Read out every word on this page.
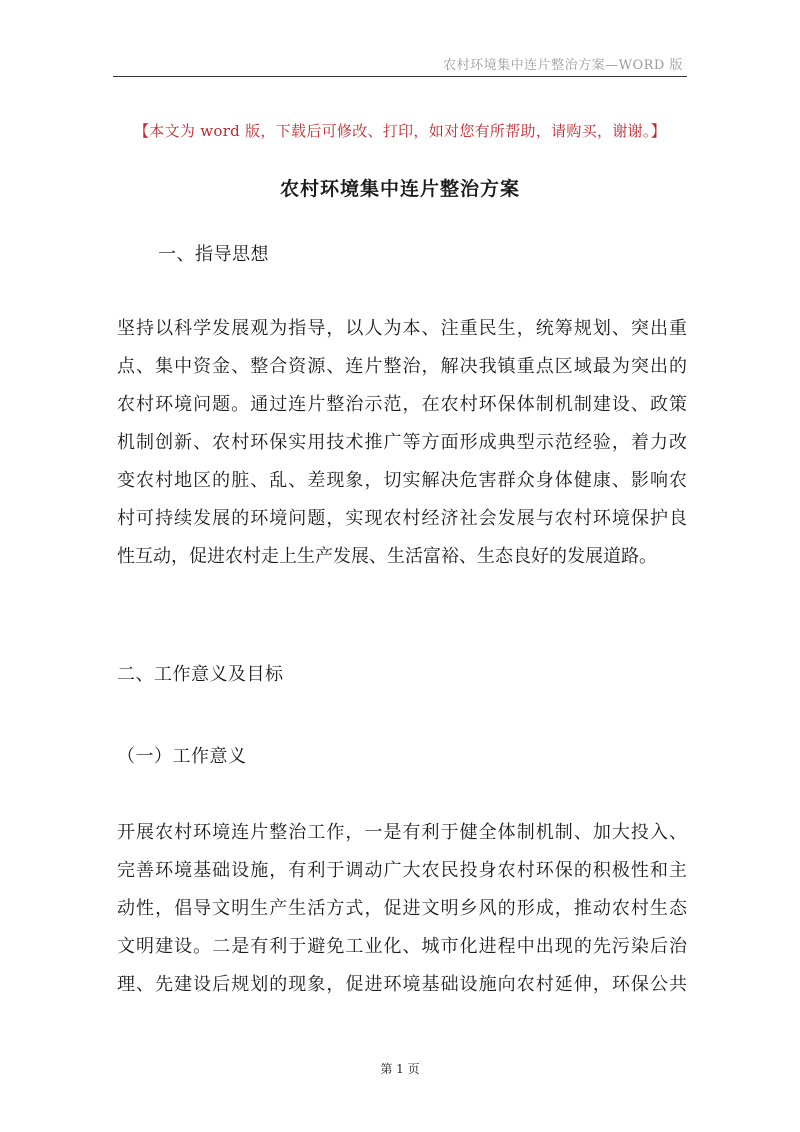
农村环境集中连片整治方案—WORD 版
【本文为 word 版，下载后可修改、打印，如对您有所帮助，请购买，谢谢。】
农村环境集中连片整治方案
一、指导思想
坚持以科学发展观为指导，以人为本、注重民生，统筹规划、突出重
点、集中资金、整合资源、连片整治，解决我镇重点区域最为突出的
农村环境问题。通过连片整治示范，在农村环保体制机制建设、政策
机制创新、农村环保实用技术推广等方面形成典型示范经验，着力改
变农村地区的脏、乱、差现象，切实解决危害群众身体健康、影响农
村可持续发展的环境问题，实现农村经济社会发展与农村环境保护良
性互动，促进农村走上生产发展、生活富裕、生态良好的发展道路。
二、工作意义及目标
（一）工作意义
开展农村环境连片整治工作，一是有利于健全体制机制、加大投入、
完善环境基础设施，有利于调动广大农民投身农村环保的积极性和主
动性，倡导文明生产生活方式，促进文明乡风的形成，推动农村生态
文明建设。二是有利于避免工业化、城市化进程中出现的先污染后治
理、先建设后规划的现象，促进环境基础设施向农村延伸，环保公共
第 1 页
